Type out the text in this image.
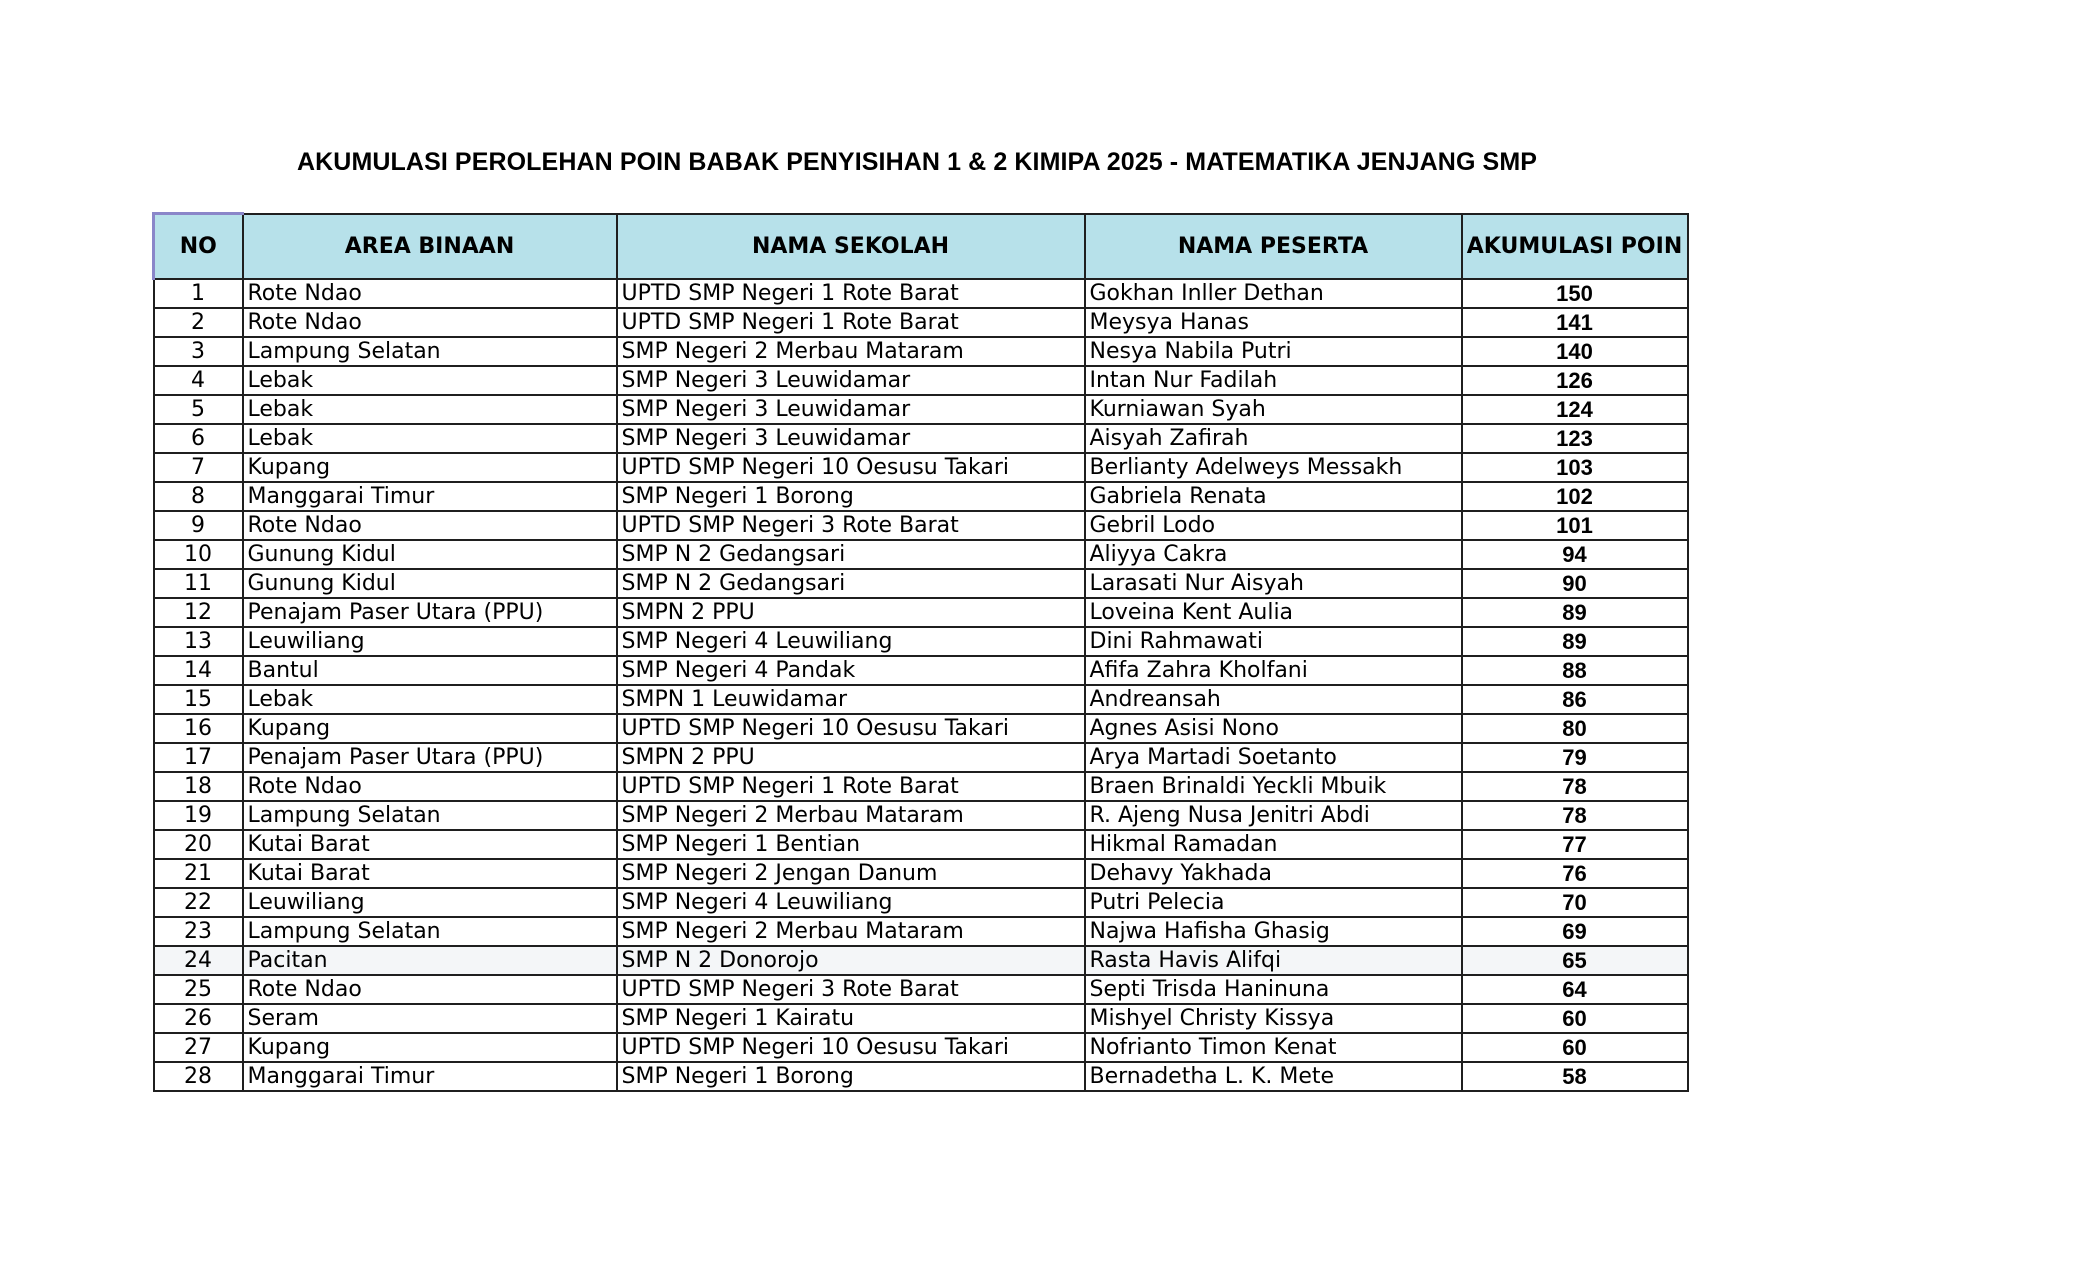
AKUMULASI PEROLEHAN POIN BABAK PENYISIHAN 1 & 2 KIMIPA 2025 - MATEMATIKA JENJANG SMP
NO	AREA BINAAN	NAMA SEKOLAH	NAMA PESERTA	AKUMULASI POIN
1	Rote Ndao	UPTD SMP Negeri 1 Rote Barat	Gokhan Inller Dethan	150
2	Rote Ndao	UPTD SMP Negeri 1 Rote Barat	Meysya Hanas	141
3	Lampung Selatan	SMP Negeri 2 Merbau Mataram	Nesya Nabila Putri	140
4	Lebak	SMP Negeri 3 Leuwidamar	Intan Nur Fadilah	126
5	Lebak	SMP Negeri 3 Leuwidamar	Kurniawan Syah	124
6	Lebak	SMP Negeri 3 Leuwidamar	Aisyah Zafirah	123
7	Kupang	UPTD SMP Negeri 10 Oesusu Takari	Berlianty Adelweys Messakh	103
8	Manggarai Timur	SMP Negeri 1 Borong	Gabriela Renata	102
9	Rote Ndao	UPTD SMP Negeri 3 Rote Barat	Gebril Lodo	101
10	Gunung Kidul	SMP N 2 Gedangsari	Aliyya Cakra	94
11	Gunung Kidul	SMP N 2 Gedangsari	Larasati Nur Aisyah	90
12	Penajam Paser Utara (PPU)	SMPN 2 PPU	Loveina Kent Aulia	89
13	Leuwiliang	SMP Negeri 4 Leuwiliang	Dini Rahmawati	89
14	Bantul	SMP Negeri 4 Pandak	Afifa Zahra Kholfani	88
15	Lebak	SMPN 1 Leuwidamar	Andreansah	86
16	Kupang	UPTD SMP Negeri 10 Oesusu Takari	Agnes Asisi Nono	80
17	Penajam Paser Utara (PPU)	SMPN 2 PPU	Arya Martadi Soetanto	79
18	Rote Ndao	UPTD SMP Negeri 1 Rote Barat	Braen Brinaldi Yeckli Mbuik	78
19	Lampung Selatan	SMP Negeri 2 Merbau Mataram	R. Ajeng Nusa Jenitri Abdi	78
20	Kutai Barat	SMP Negeri 1 Bentian	Hikmal Ramadan	77
21	Kutai Barat	SMP Negeri 2 Jengan Danum	Dehavy Yakhada	76
22	Leuwiliang	SMP Negeri 4 Leuwiliang	Putri Pelecia	70
23	Lampung Selatan	SMP Negeri 2 Merbau Mataram	Najwa Hafisha Ghasig	69
24	Pacitan	SMP N 2 Donorojo	Rasta Havis Alifqi	65
25	Rote Ndao	UPTD SMP Negeri 3 Rote Barat	Septi Trisda Haninuna	64
26	Seram	SMP Negeri 1 Kairatu	Mishyel Christy Kissya	60
27	Kupang	UPTD SMP Negeri 10 Oesusu Takari	Nofrianto Timon Kenat	60
28	Manggarai Timur	SMP Negeri 1 Borong	Bernadetha L. K. Mete	58
